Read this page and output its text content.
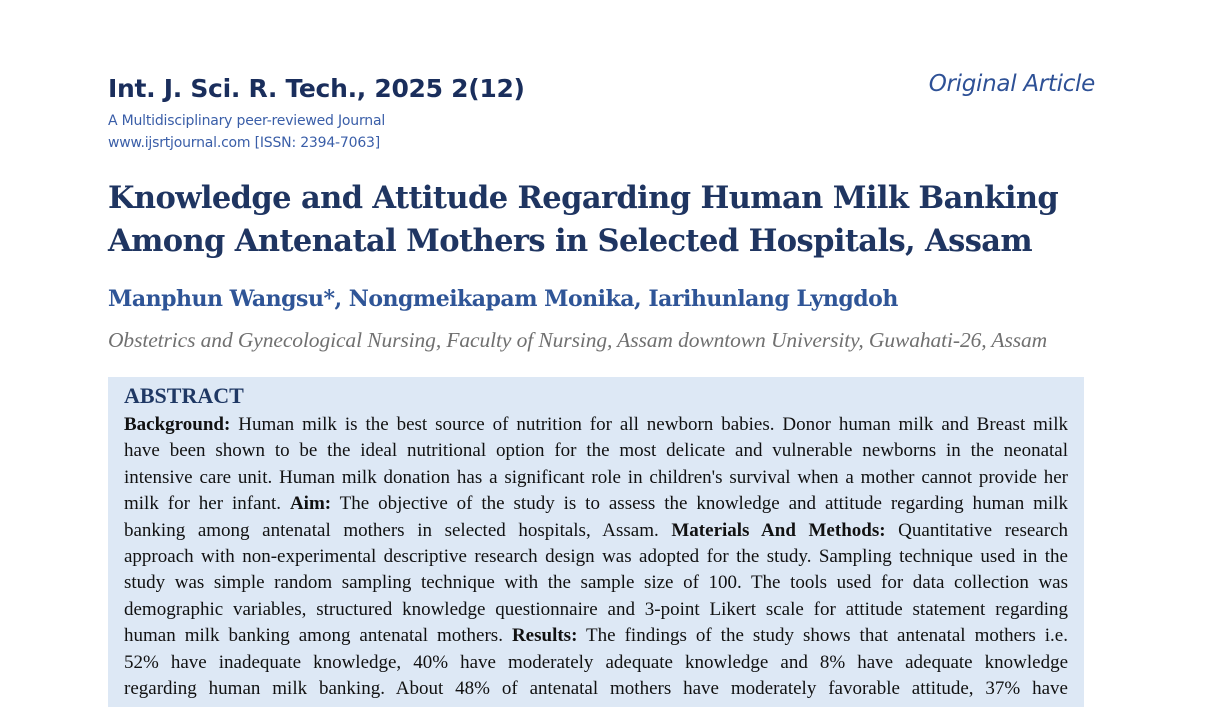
Int. J. Sci. R. Tech., 2025 2(12)
A Multidisciplinary peer-reviewed Journal
www.ijsrtjournal.com [ISSN: 2394-7063]
Original Article
Knowledge and Attitude Regarding Human Milk Banking
Among Antenatal Mothers in Selected Hospitals, Assam
Manphun Wangsu*, Nongmeikapam Monika, Iarihunlang Lyngdoh
Obstetrics and Gynecological Nursing, Faculty of Nursing, Assam downtown University, Guwahati-26, Assam
ABSTRACT
Background: Human milk is the best source of nutrition for all newborn babies. Donor human milk and Breast milk
have been shown to be the ideal nutritional option for the most delicate and vulnerable newborns in the neonatal
intensive care unit. Human milk donation has a significant role in children's survival when a mother cannot provide her
milk for her infant. Aim: The objective of the study is to assess the knowledge and attitude regarding human milk
banking among antenatal mothers in selected hospitals, Assam. Materials And Methods: Quantitative research
approach with non-experimental descriptive research design was adopted for the study. Sampling technique used in the
study was simple random sampling technique with the sample size of 100. The tools used for data collection was
demographic variables, structured knowledge questionnaire and 3-point Likert scale for attitude statement regarding
human milk banking among antenatal mothers. Results: The findings of the study shows that antenatal mothers i.e.
52% have inadequate knowledge, 40% have moderately adequate knowledge and 8% have adequate knowledge
regarding human milk banking. About 48% of antenatal mothers have moderately favorable attitude, 37% have
